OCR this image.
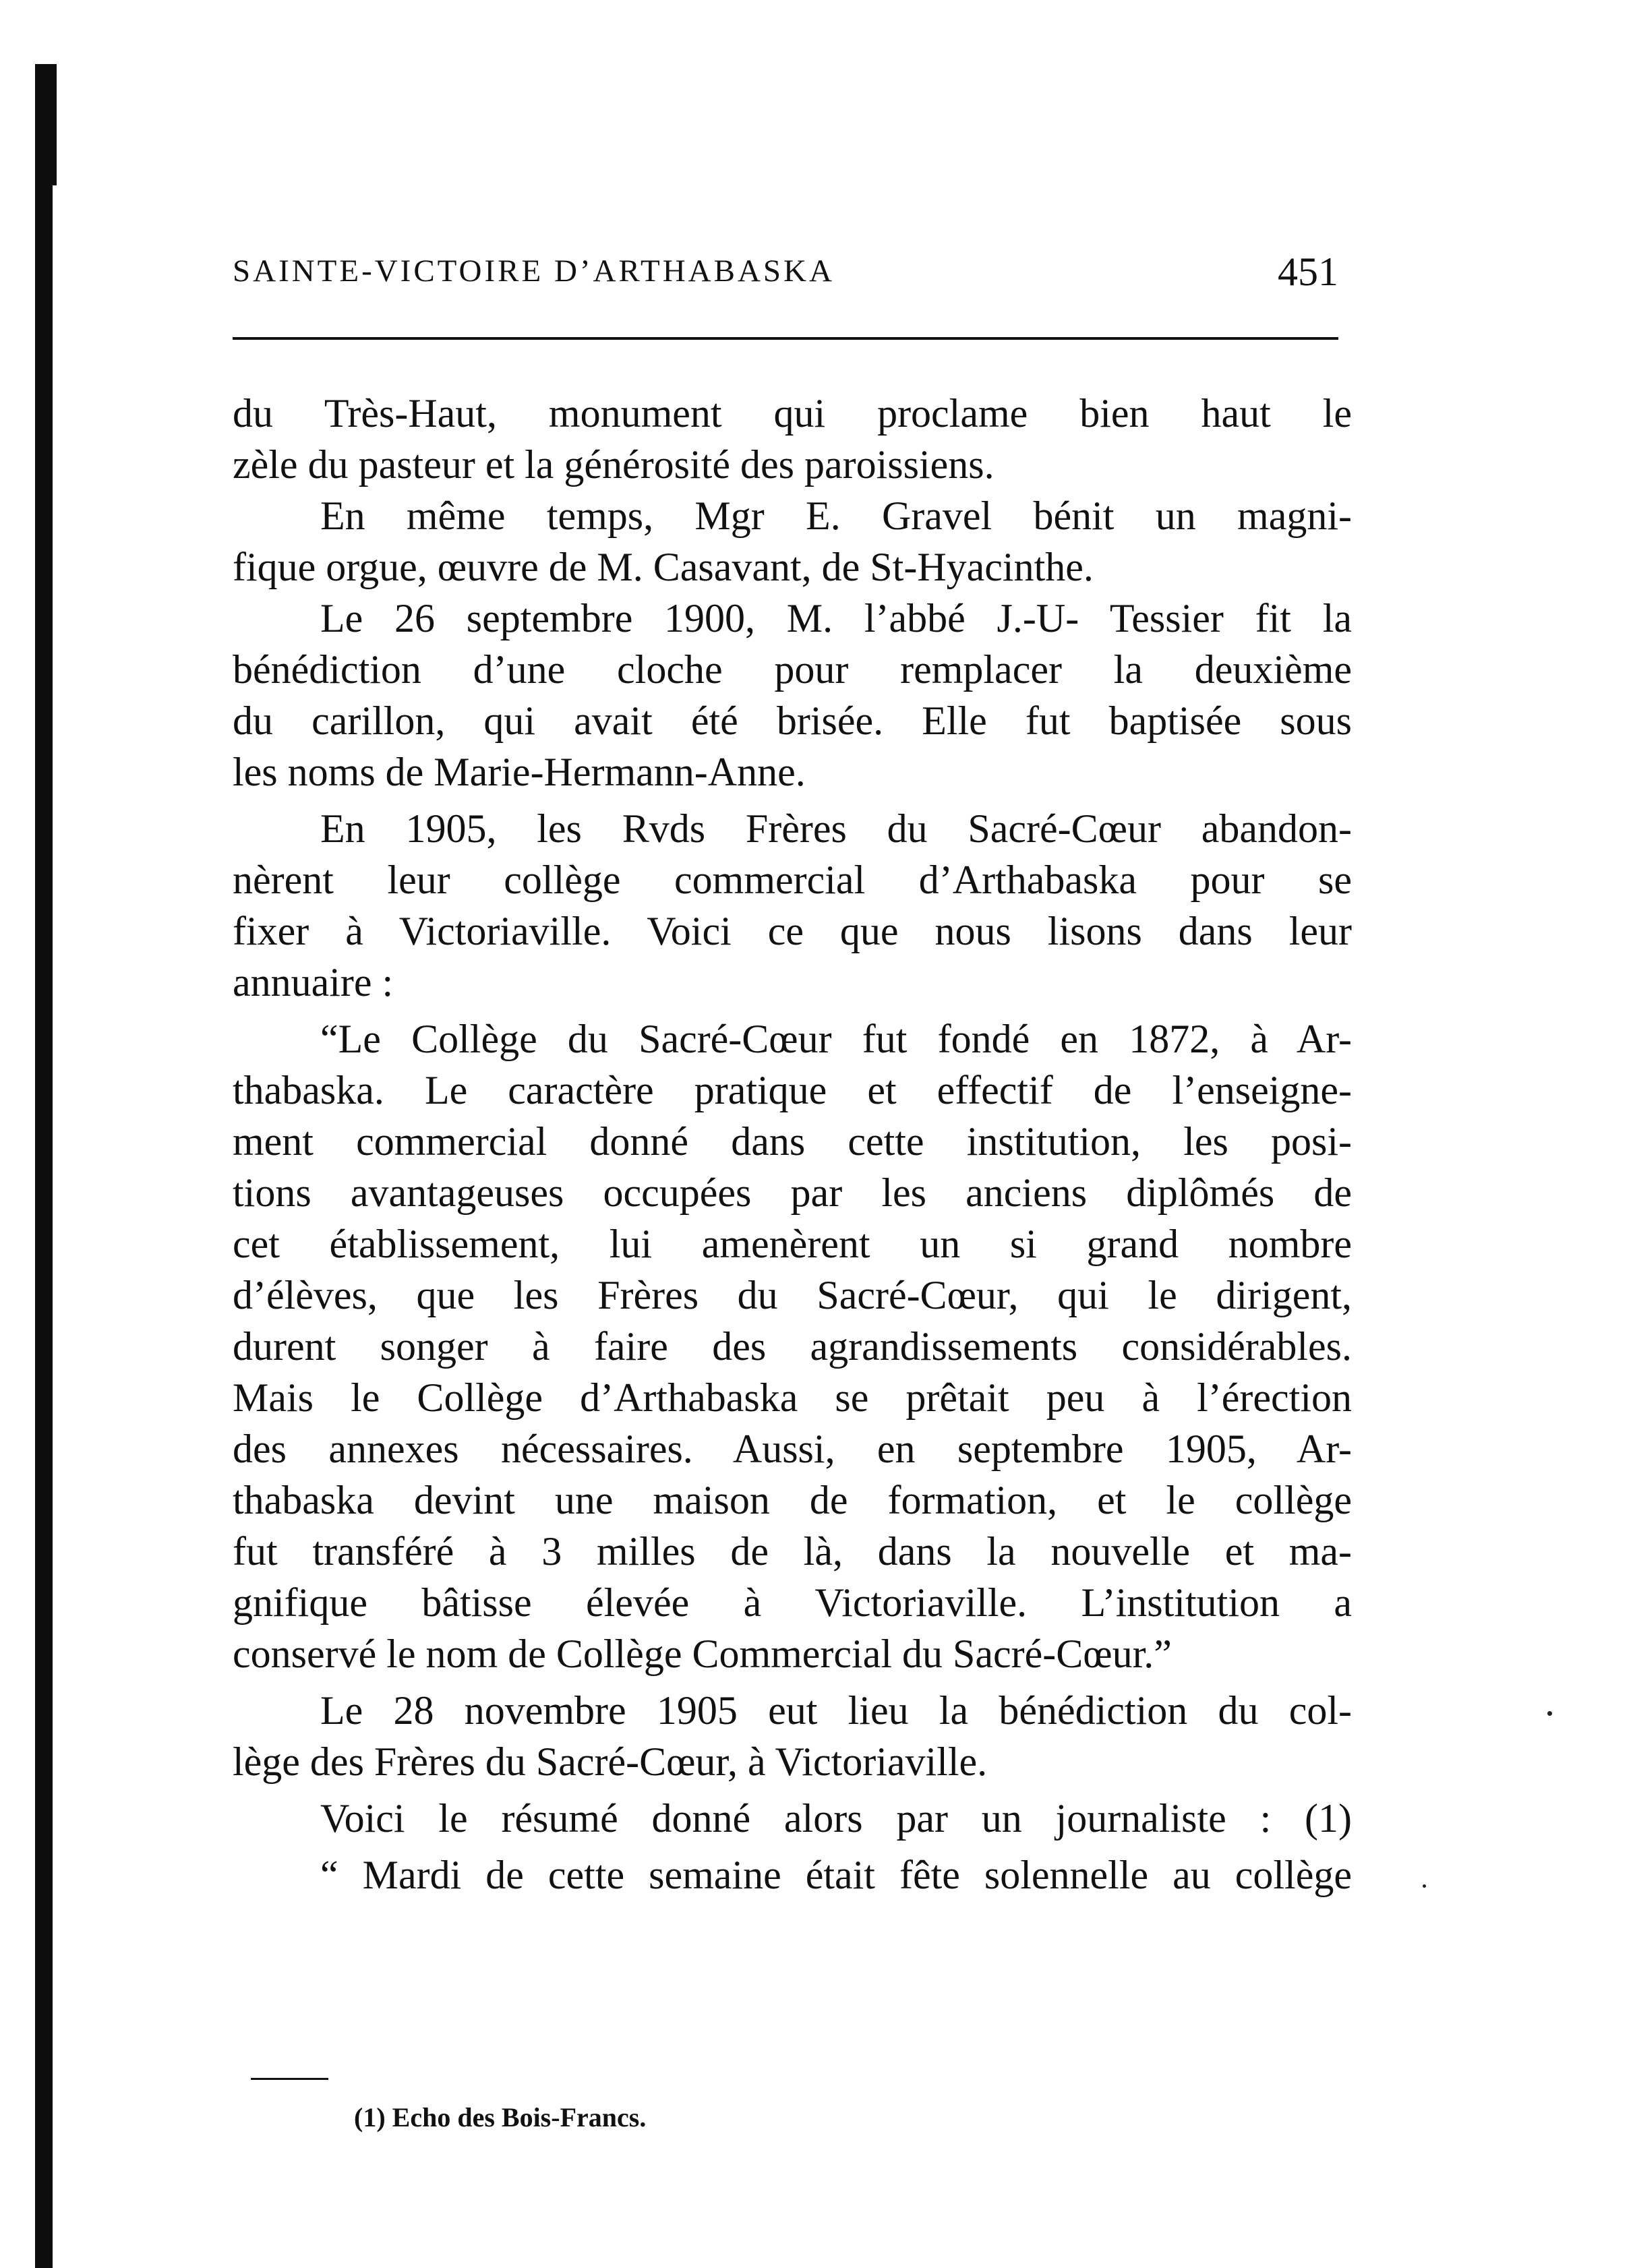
SAINTE-VICTOIRE D’ARTHABASKA	451
du Très-Haut, monument qui proclame bien haut le
zèle du pasteur et la générosité des paroissiens.
En même temps, Mgr E. Gravel bénit un magni-
fique orgue, œuvre de M. Casavant, de St-Hyacinthe.
Le 26 septembre 1900, M. l’abbé J.-U- Tessier fit la
bénédiction d’une cloche pour remplacer la deuxième
du carillon, qui avait été brisée. Elle fut baptisée sous
les noms de Marie-Hermann-Anne.
En 1905, les Rvds Frères du Sacré-Cœur abandon-
nèrent leur collège commercial d’Arthabaska pour se
fixer à Victoriaville. Voici ce que nous lisons dans leur
annuaire :
“Le Collège du Sacré-Cœur fut fondé en 1872, à Ar-
thabaska. Le caractère pratique et effectif de l’enseigne-
ment commercial donné dans cette institution, les posi-
tions avantageuses occupées par les anciens diplômés de
cet établissement, lui amenèrent un si grand nombre
d’élèves, que les Frères du Sacré-Cœur, qui le dirigent,
durent songer à faire des agrandissements considérables.
Mais le Collège d’Arthabaska se prêtait peu à l’érection
des annexes nécessaires. Aussi, en septembre 1905, Ar-
thabaska devint une maison de formation, et le collège
fut transféré à 3 milles de là, dans la nouvelle et ma-
gnifique bâtisse élevée à Victoriaville. L’institution a
conservé le nom de Collège Commercial du Sacré-Cœur.”
Le 28 novembre 1905 eut lieu la bénédiction du col-
lège des Frères du Sacré-Cœur, à Victoriaville.
Voici le résumé donné alors par un journaliste : (1)
“ Mardi de cette semaine était fête solennelle au collège
(1) Echo des Bois-Francs.
